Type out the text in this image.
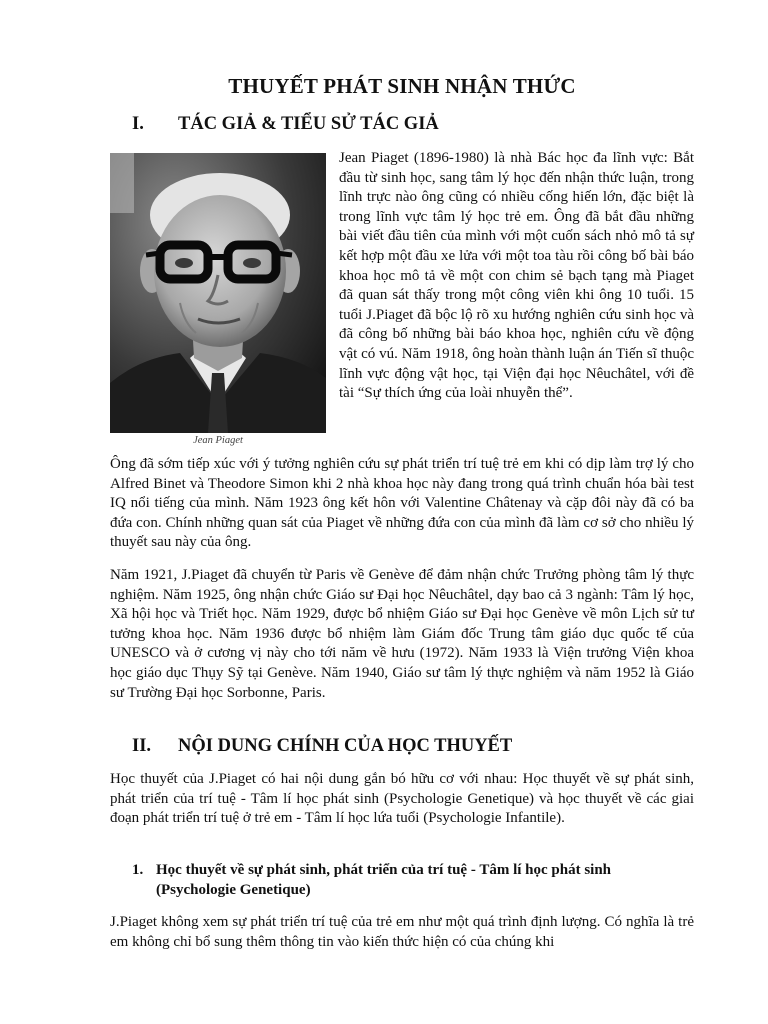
THUYẾT PHÁT SINH NHẬN THỨC
I. TÁC GIẢ & TIỂU SỬ TÁC GIẢ
Jean Piaget
Jean Piaget (1896-1980) là nhà Bác học đa lĩnh vực: Bắt đầu từ sinh học, sang tâm lý học đến nhận thức luận, trong lĩnh trực nào ông cũng có nhiều cống hiến lớn, đặc biệt là trong lĩnh vực tâm lý học trẻ em. Ông đã bắt đầu những bài viết đầu tiên của mình với một cuốn sách nhỏ mô tả sự kết hợp một đầu xe lửa với một toa tàu rồi công bố bài báo khoa học mô tả về một con chim sẻ bạch tạng mà Piaget đã quan sát thấy trong một công viên khi ông 10 tuổi. 15 tuổi J.Piaget đã bộc lộ rõ xu hướng nghiên cứu sinh học và đã công bố những bài báo khoa học, nghiên cứu về động vật có vú. Năm 1918, ông hoàn thành luận án Tiến sĩ thuộc lĩnh vực động vật học, tại Viện đại học Nêuchâtel, với đề tài “Sự thích ứng của loài nhuyễn thể”.
Ông đã sớm tiếp xúc với ý tưởng nghiên cứu sự phát triển trí tuệ trẻ em khi có dịp làm trợ lý cho Alfred Binet và Theodore Simon khi 2 nhà khoa học này đang trong quá trình chuẩn hóa bài test IQ nổi tiếng của mình. Năm 1923 ông kết hôn với Valentine Châtenay và cặp đôi này đã có ba đứa con. Chính những quan sát của Piaget về những đứa con của mình đã làm cơ sở cho nhiều lý thuyết sau này của ông.
Năm 1921, J.Piaget đã chuyển từ Paris về Genève để đảm nhận chức Trưởng phòng tâm lý thực nghiệm. Năm 1925, ông nhận chức Giáo sư Đại học Nêuchâtel, dạy bao cả 3 ngành: Tâm lý học, Xã hội học và Triết học. Năm 1929, được bổ nhiệm Giáo sư Đại học Genève về môn Lịch sử tư tưởng khoa học. Năm 1936 được bổ nhiệm làm Giám đốc Trung tâm giáo dục quốc tế của UNESCO và ở cương vị này cho tới năm về hưu (1972). Năm 1933 là Viện trưởng Viện khoa học giáo dục Thụy Sỹ tại Genève. Năm 1940, Giáo sư tâm lý thực nghiệm và năm 1952 là Giáo sư Trường Đại học Sorbonne, Paris.
II. NỘI DUNG CHÍNH CỦA HỌC THUYẾT
Học thuyết của J.Piaget có hai nội dung gắn bó hữu cơ với nhau: Học thuyết về sự phát sinh, phát triển của trí tuệ - Tâm lí học phát sinh (Psychologie Genetique) và học thuyết về các giai đoạn phát triển trí tuệ ở trẻ em - Tâm lí học lứa tuổi (Psychologie Infantile).
1. Học thuyết về sự phát sinh, phát triển của trí tuệ - Tâm lí học phát sinh (Psychologie Genetique)
J.Piaget không xem sự phát triển trí tuệ của trẻ em như một quá trình định lượng. Có nghĩa là trẻ em không chỉ bổ sung thêm thông tin vào kiến thức hiện có của chúng khi
